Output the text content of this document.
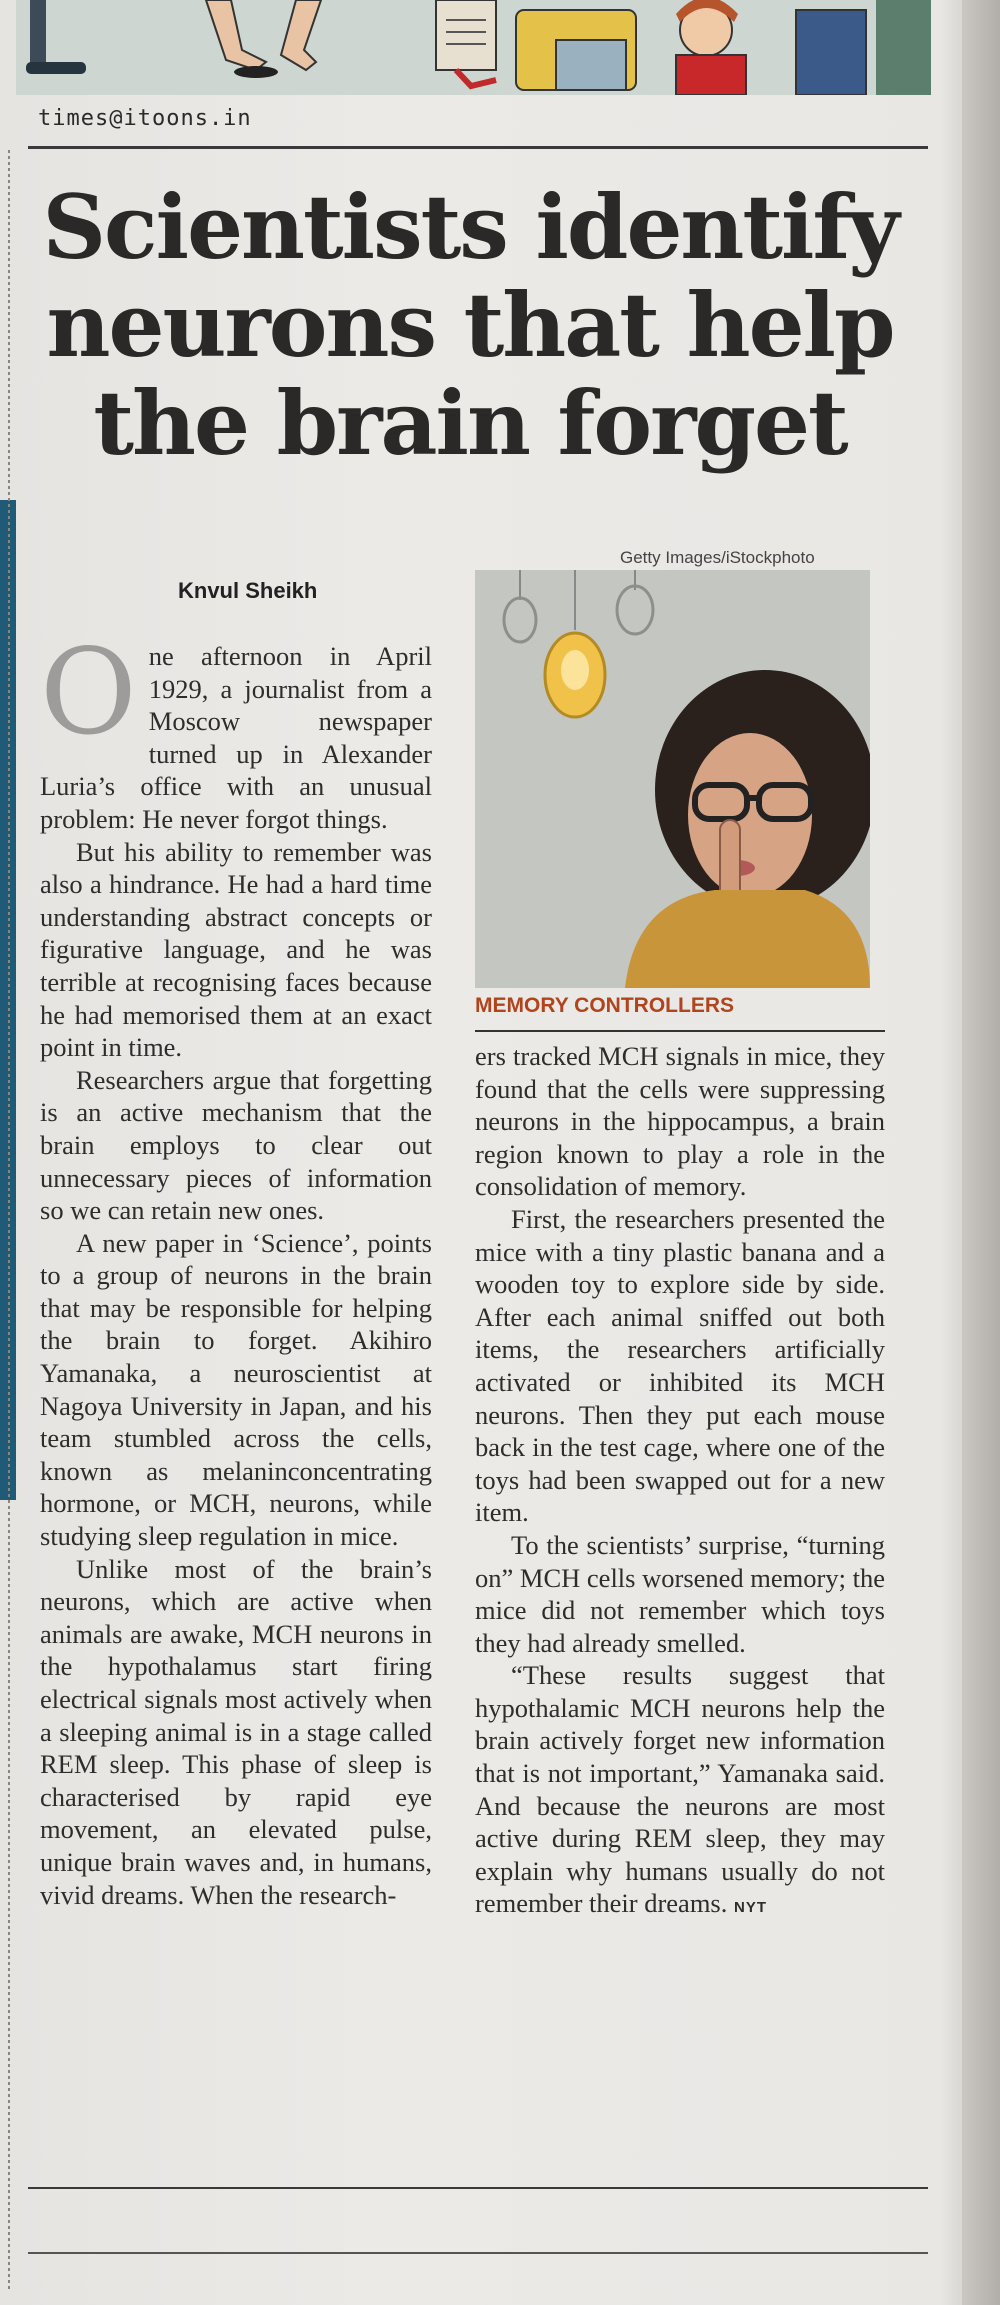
times@itoons.in
Scientists identify neurons that help the brain forget
Getty Images/iStockphoto
Knvul Sheikh
MEMORY CONTROLLERS

One afternoon in April 1929, a journalist from a Moscow newspaper turned up in Alexander Luria’s office with an unusual problem: He never forgot things.

But his ability to remember was also a hindrance. He had a hard time understanding abstract concepts or figurative language, and he was terrible at recognising faces because he had memorised them at an exact point in time.

Researchers argue that forgetting is an active mechanism that the brain employs to clear out unnecessary pieces of information so we can retain new ones.

A new paper in ‘Science’, points to a group of neurons in the brain that may be responsible for helping the brain to forget. Akihiro Yamanaka, a neuroscientist at Nagoya University in Japan, and his team stumbled across the cells, known as melaninconcentrating hormone, or MCH, neurons, while studying sleep regulation in mice.

Unlike most of the brain’s neurons, which are active when animals are awake, MCH neurons in the hypothalamus start firing electrical signals most actively when a sleeping animal is in a stage called REM sleep. This phase of sleep is characterised by rapid eye movement, an elevated pulse, unique brain waves and, in humans, vivid dreams. When the research-

ers tracked MCH signals in mice, they found that the cells were suppressing neurons in the hippocampus, a brain region known to play a role in the consolidation of memory.

First, the researchers presented the mice with a tiny plastic banana and a wooden toy to explore side by side. After each animal sniffed out both items, the researchers artificially activated or inhibited its MCH neurons. Then they put each mouse back in the test cage, where one of the toys had been swapped out for a new item.

To the scientists’ surprise, “turning on” MCH cells worsened memory; the mice did not remember which toys they had already smelled.

“These results suggest that hypothalamic MCH neurons help the brain actively forget new information that is not important,” Yamanaka said. And because the neurons are most active during REM sleep, they may explain why humans usually do not remember their dreams. NYT
